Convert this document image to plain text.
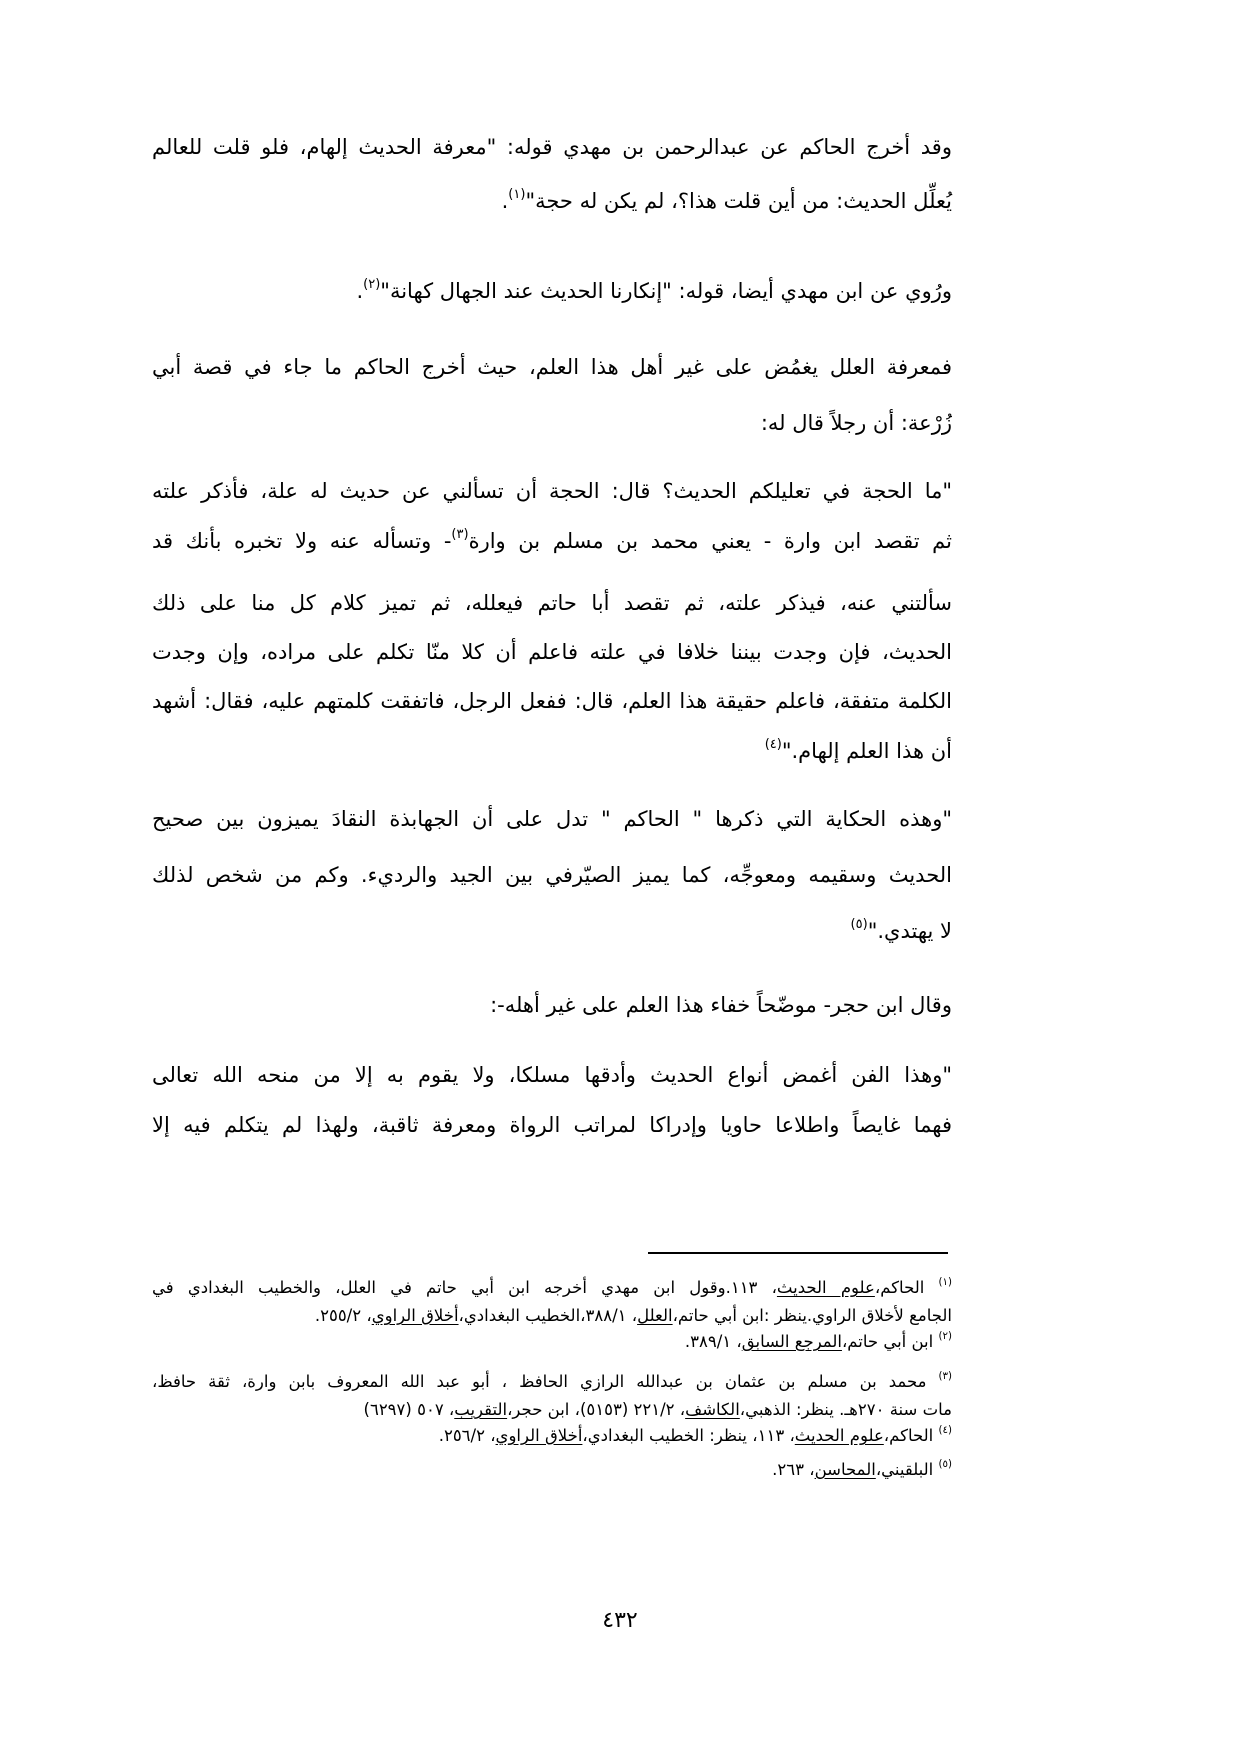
وقد أخرج الحاكم عن عبدالرحمن بن مهدي قوله: "معرفة الحديث إلهام، فلو قلت للعالم
يُعلِّل الحديث: من أين قلت هذا؟، لم يكن له حجة"$^{(١)}$.
ورُوي عن ابن مهدي أيضا، قوله: "إنكارنا الحديث عند الجهال كهانة"$^{(٢)}$.
فمعرفة العلل يغمُض على غير أهل هذا العلم، حيث أخرج الحاكم ما جاء في قصة أبي
زُرْعة: أن رجلاً قال له:
"ما الحجة في تعليلكم الحديث؟ قال: الحجة أن تسألني عن حديث له علة، فأذكر علته
ثم تقصد ابن وارة - يعني محمد بن مسلم بن وارة$^{(٣)}$- وتسأله عنه ولا تخبره بأنك قد
سألتني عنه، فيذكر علته، ثم تقصد أبا حاتم فيعلله، ثم تميز كلام كل منا على ذلك
الحديث، فإن وجدت بيننا خلافا في علته فاعلم أن كلا منّا تكلم على مراده، وإن وجدت
الكلمة متفقة، فاعلم حقيقة هذا العلم، قال: ففعل الرجل، فاتفقت كلمتهم عليه، فقال: أشهد
أن هذا العلم إلهام."$^{(٤)}$
"وهذه الحكاية التي ذكرها " الحاكم " تدل على أن الجهابذة النقادَ يميزون بين صحيح
الحديث وسقيمه ومعوجِّه، كما يميز الصيّرفي بين الجيد والرديء. وكم من شخص لذلك
لا يهتدي."$^{(٥)}$
وقال ابن حجر- موضّحاً خفاء هذا العلم على غير أهله-:
"وهذا الفن أغمض أنواع الحديث وأدقها مسلكا، ولا يقوم به إلا من منحه الله تعالى
فهما غايصاً واطلاعا حاويا وإدراكا لمراتب الرواة ومعرفة ثاقبة، ولهذا لم يتكلم فيه إلا
$^{(١)}$ الحاكم،علوم الحديث، ١١٣.وقول ابن مهدي أخرجه ابن أبي حاتم في العلل، والخطيب البغدادي في
الجامع لأخلاق الراوي.ينظر :ابن أبي حاتم،العلل، ٣٨٨/١،الخطيب البغدادي،أخلاق الراوي، ٢٥٥/٢.
$^{(٢)}$ ابن أبي حاتم،المرجع السابق، ٣٨٩/١.
$^{(٣)}$ محمد بن مسلم بن عثمان بن عبدالله الرازي الحافظ ، أبو عبد الله المعروف بابن وارة، ثقة حافظ،
مات سنة ٢٧٠هـ. ينظر: الذهبي،الكاشف، ٢٢١/٢ (٥١٥٣)، ابن حجر،التقريب، ٥٠٧ (٦٢٩٧)
$^{(٤)}$ الحاكم،علوم الحديث، ١١٣، ينظر: الخطيب البغدادي،أخلاق الراوي، ٢٥٦/٢.
$^{(٥)}$ البلقيني،المحاسن، ٢٦٣.
٤٣٢
